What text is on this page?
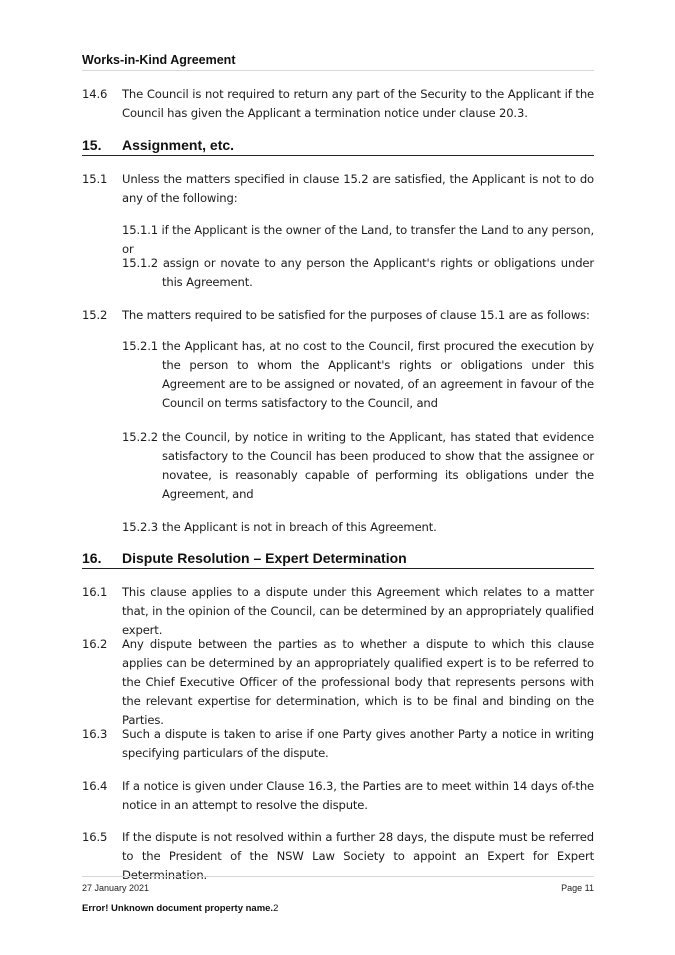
Works-in-Kind Agreement
14.6 The Council is not required to return any part of the Security to the Applicant if the Council has given the Applicant a termination notice under clause 20.3.
15. Assignment, etc.
15.1 Unless the matters specified in clause 15.2 are satisfied, the Applicant is not to do any of the following:
15.1.1 if the Applicant is the owner of the Land, to transfer the Land to any person, or
15.1.2 assign or novate to any person the Applicant's rights or obligations under this Agreement.
15.2 The matters required to be satisfied for the purposes of clause 15.1 are as follows:
15.2.1 the Applicant has, at no cost to the Council, first procured the execution by the person to whom the Applicant's rights or obligations under this Agreement are to be assigned or novated, of an agreement in favour of the Council on terms satisfactory to the Council, and
15.2.2 the Council, by notice in writing to the Applicant, has stated that evidence satisfactory to the Council has been produced to show that the assignee or novatee, is reasonably capable of performing its obligations under the Agreement, and
15.2.3 the Applicant is not in breach of this Agreement.
16. Dispute Resolution – Expert Determination
16.1 This clause applies to a dispute under this Agreement which relates to a matter that, in the opinion of the Council, can be determined by an appropriately qualified expert.
16.2 Any dispute between the parties as to whether a dispute to which this clause applies can be determined by an appropriately qualified expert is to be referred to the Chief Executive Officer of the professional body that represents persons with the relevant expertise for determination, which is to be final and binding on the Parties.
16.3 Such a dispute is taken to arise if one Party gives another Party a notice in writing specifying particulars of the dispute.
16.4 If a notice is given under Clause 16.3, the Parties are to meet within 14 days of-the notice in an attempt to resolve the dispute.
16.5 If the dispute is not resolved within a further 28 days, the dispute must be referred to the President of the NSW Law Society to appoint an Expert for Expert Determination.
27 January 2021	Page 11
Error! Unknown document property name.2
